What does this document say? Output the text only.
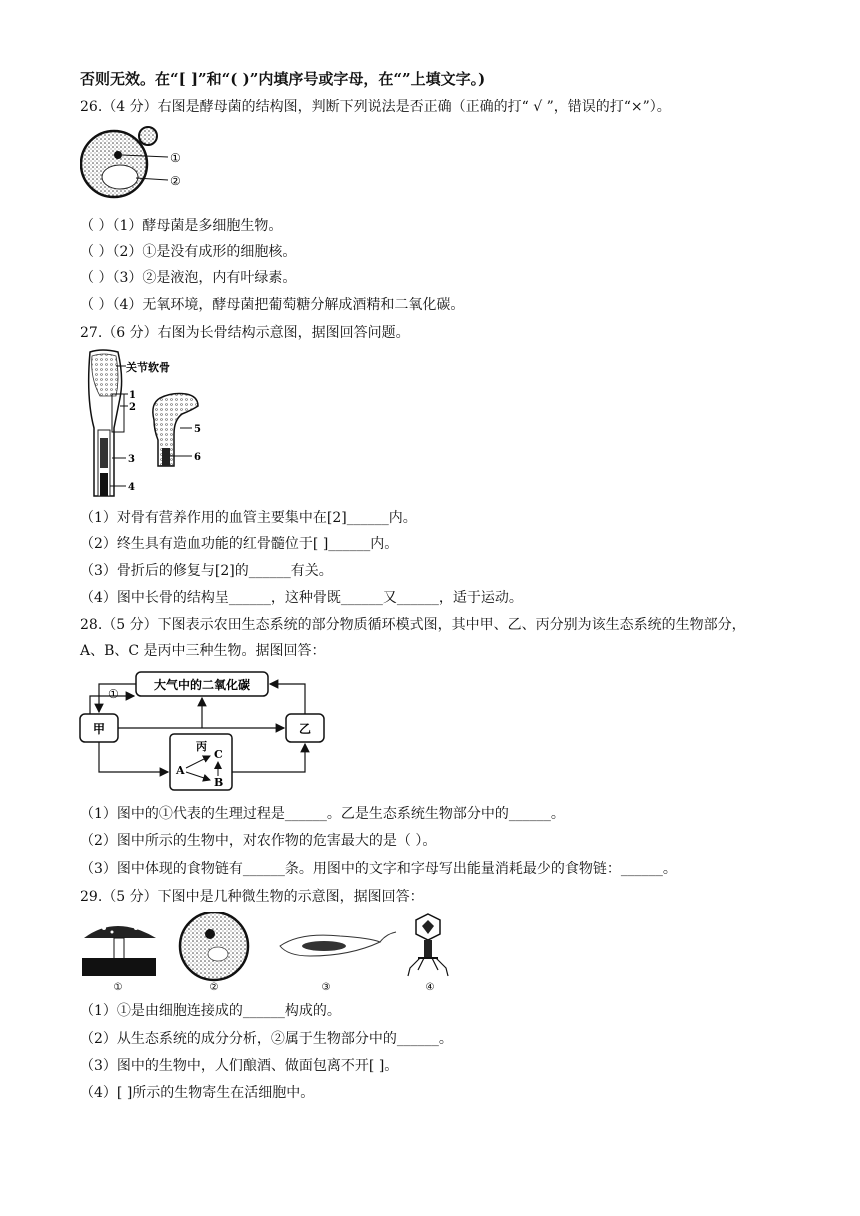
否则无效。在“[ ]”和“( )”内填序号或字母，在“”上填文字。)
26.（4 分）右图是酵母菌的结构图，判断下列说法是否正确（正确的打“ √ ”，错误的打“×”）。
①
②
（ ）（1）酵母菌是多细胞生物。
（ ）（2）①是没有成形的细胞核。
（ ）（3）②是液泡，内有叶绿素。
（ ）（4）无氧环境，酵母菌把葡萄糖分解成酒精和二氧化碳。
27.（6 分）右图为长骨结构示意图，据图回答问题。
关节软骨
1
2
3
4
5
6
（1）对骨有营养作用的血管主要集中在[2]______内。
（2）终生具有造血功能的红骨髓位于[ ]______内。
（3）骨折后的修复与[2]的______有关。
（4）图中长骨的结构呈______，这种骨既______又______，适于运动。
28.（5 分）下图表示农田生态系统的部分物质循环模式图，其中甲、乙、丙分别为该生态系统的生物部分，
A、B、C 是丙中三种生物。据图回答：
大气中的二氧化碳
甲	乙
丙
A
C
B
①
（1）图中的①代表的生理过程是______。乙是生态系统生物部分中的______。
（2）图中所示的生物中，对农作物的危害最大的是（ ）。
（3）图中体现的食物链有______条。用图中的文字和字母写出能量消耗最少的食物链：______。
29.（5 分）下图中是几种微生物的示意图，据图回答：
①	②	③	④
（1）①是由细胞连接成的______构成的。
（2）从生态系统的成分分析，②属于生物部分中的______。
（3）图中的生物中，人们酿酒、做面包离不开[ ]。
（4）[ ]所示的生物寄生在活细胞中。
